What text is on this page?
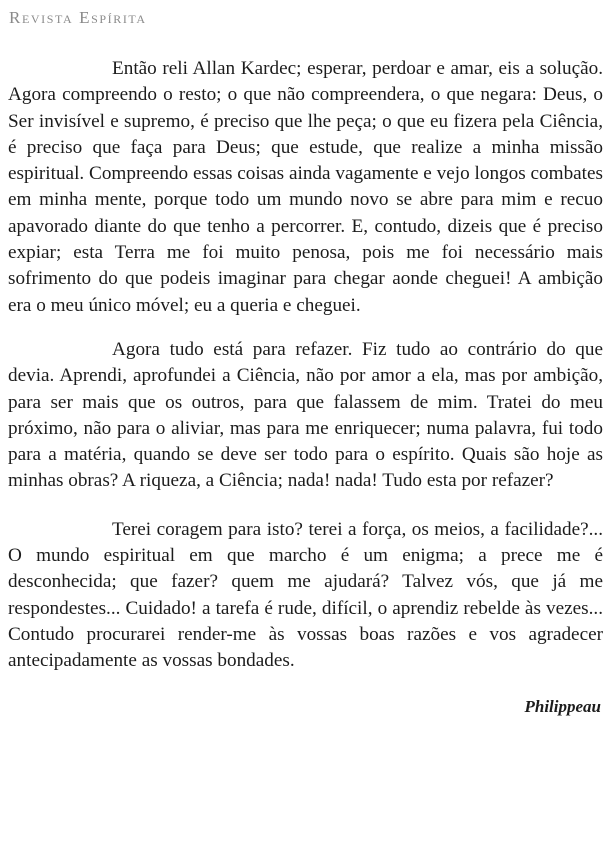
Revista Espírita

Então reli Allan Kardec; esperar, perdoar e amar, eis a solução. Agora compreendo o resto; o que não compreendera, o que negara: Deus, o Ser invisível e supremo, é preciso que lhe peça; o que eu fizera pela Ciência, é preciso que faça para Deus; que estude, que realize a minha missão espiritual. Compreendo essas coisas ainda vagamente e vejo longos combates em minha mente, porque todo um mundo novo se abre para mim e recuo apavorado diante do que tenho a percorrer. E, contudo, dizeis que é preciso expiar; esta Terra me foi muito penosa, pois me foi necessário mais sofrimento do que podeis imaginar para chegar aonde cheguei! A ambição era o meu único móvel; eu a queria e cheguei.

Agora tudo está para refazer. Fiz tudo ao contrário do que devia. Aprendi, aprofundei a Ciência, não por amor a ela, mas por ambição, para ser mais que os outros, para que falassem de mim. Tratei do meu próximo, não para o aliviar, mas para me enriquecer; numa palavra, fui todo para a matéria, quando se deve ser todo para o espírito. Quais são hoje as minhas obras? A riqueza, a Ciência; nada! nada! Tudo esta por refazer?

Terei coragem para isto? terei a força, os meios, a facilidade?... O mundo espiritual em que marcho é um enigma; a prece me é desconhecida; que fazer? quem me ajudará? Talvez vós, que já me respondestes... Cuidado! a tarefa é rude, difícil, o aprendiz rebelde às vezes... Contudo procurarei render-me às vossas boas razões e vos agradecer antecipadamente as vossas bondades.

Philippeau
